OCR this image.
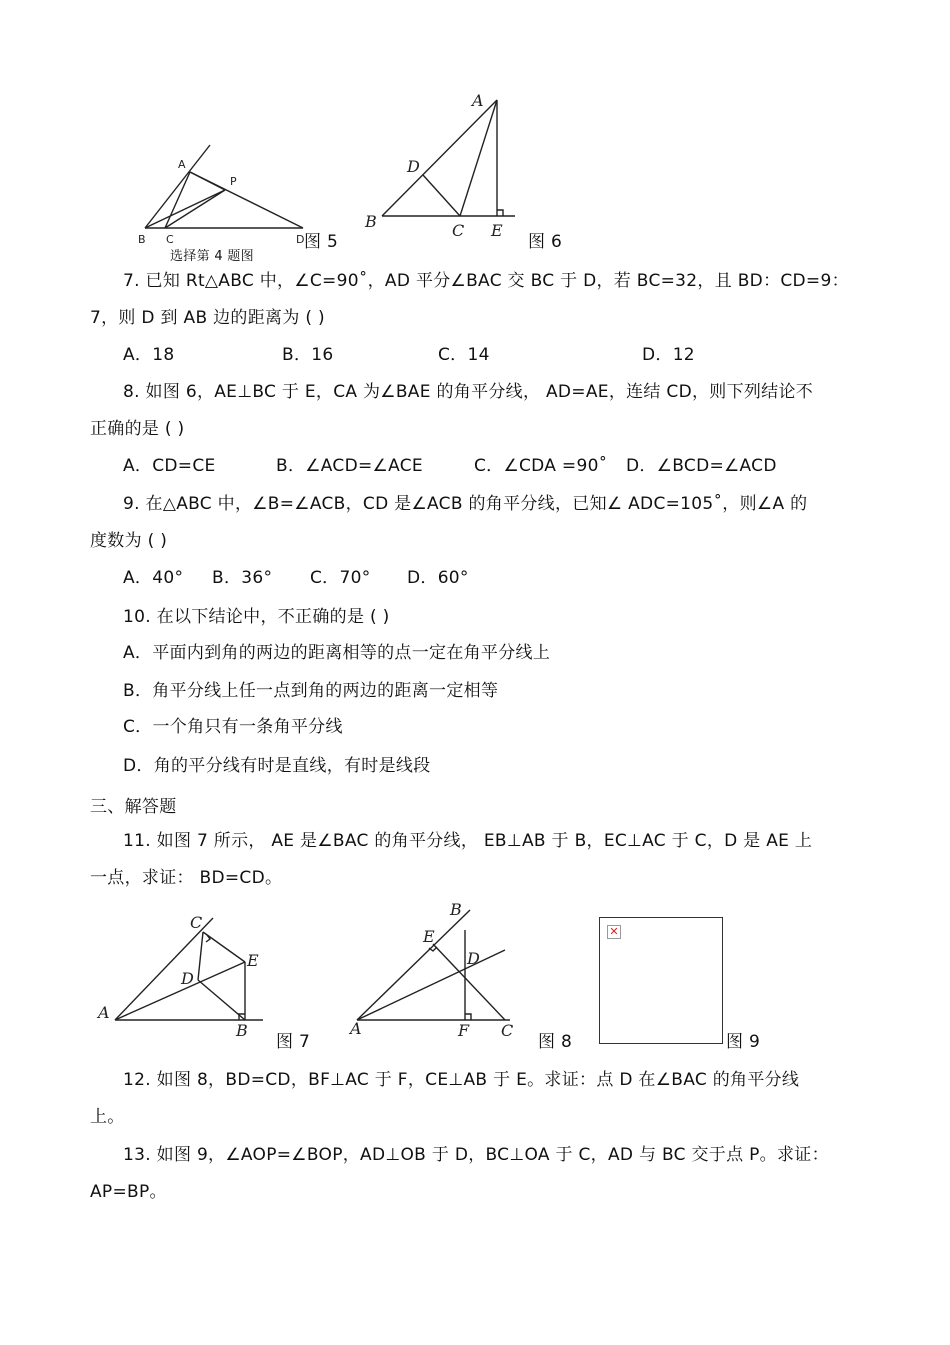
A
P
B C	D
选择第 4 题图
图 5
A
D
B	C E
图 6
7. 已知 Rt△ABC 中，∠C=90˚，AD 平分∠BAC 交 BC 于 D，若 BC=32，且 BD：CD=9：
7，则 D 到 AB 边的距离为 ( )
A．18	B．16	C．14	D．12
8. 如图 6，AE⊥BC 于 E，CA 为∠BAE 的角平分线， AD=AE，连结 CD，则下列结论不
正确的是 ( )
A．CD=CE	B．∠ACD=∠ACE	C．∠CDA =90˚ D．∠BCD=∠ACD
9. 在△ABC 中，∠B=∠ACB，CD 是∠ACB 的角平分线，已知∠ ADC=105˚，则∠A 的
度数为 ( )
A．40° B．36° C．70° D．60°
10. 在以下结论中，不正确的是 ( )
A．平面内到角的两边的距离相等的点一定在角平分线上
B．角平分线上任一点到角的两边的距离一定相等
C．一个角只有一条角平分线
D．角的平分线有时是直线，有时是线段
三、解答题
11. 如图 7 所示， AE 是∠BAC 的角平分线， EB⊥AB 于 B，EC⊥AC 于 C，D 是 AE 上
一点，求证： BD=CD。
C
E
D
A
B
图 7
B
E
D
A	F C
图 8
✕
图 9
12. 如图 8，BD=CD，BF⊥AC 于 F，CE⊥AB 于 E。求证：点 D 在∠BAC 的角平分线
上。
13. 如图 9，∠AOP=∠BOP，AD⊥OB 于 D，BC⊥OA 于 C，AD 与 BC 交于点 P。求证：
AP=BP。
